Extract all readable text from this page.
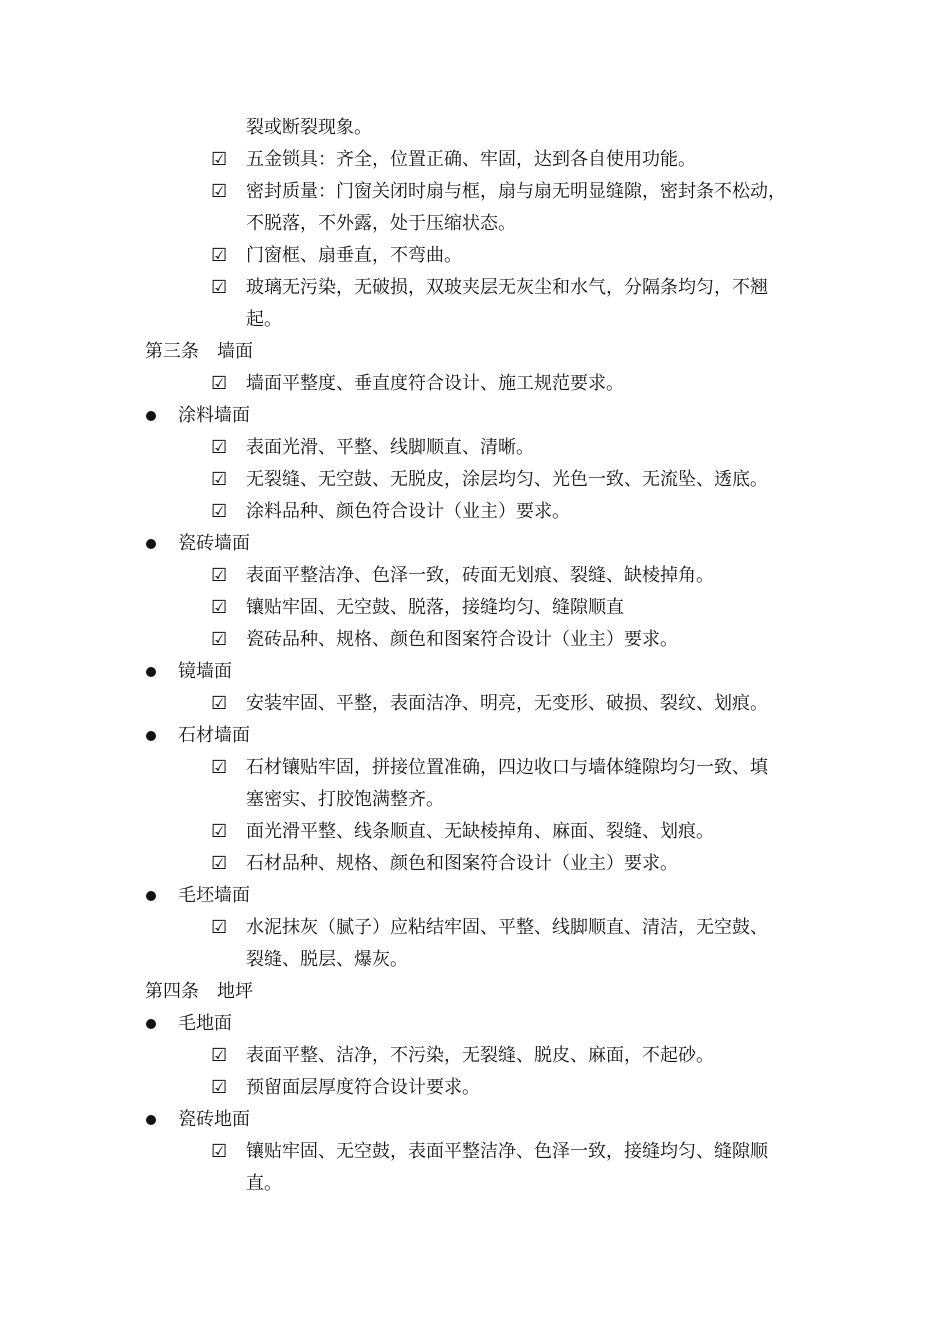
裂或断裂现象。
☑ 五金锁具：齐全，位置正确、牢固，达到各自使用功能。
☑ 密封质量：门窗关闭时扇与框，扇与扇无明显缝隙，密封条不松动，
不脱落，不外露，处于压缩状态。
☑ 门窗框、扇垂直，不弯曲。
☑ 玻璃无污染，无破损，双玻夹层无灰尘和水气，分隔条均匀，不翘
起。
第三条　墙面
☑ 墙面平整度、垂直度符合设计、施工规范要求。
涂料墙面
☑ 表面光滑、平整、线脚顺直、清晰。
☑ 无裂缝、无空鼓、无脱皮，涂层均匀、光色一致、无流坠、透底。
☑ 涂料品种、颜色符合设计（业主）要求。
瓷砖墙面
☑ 表面平整洁净、色泽一致，砖面无划痕、裂缝、缺棱掉角。
☑ 镶贴牢固、无空鼓、脱落，接缝均匀、缝隙顺直
☑ 瓷砖品种、规格、颜色和图案符合设计（业主）要求。
镜墙面
☑ 安装牢固、平整，表面洁净、明亮，无变形、破损、裂纹、划痕。
石材墙面
☑ 石材镶贴牢固，拼接位置准确，四边收口与墙体缝隙均匀一致、填
塞密实、打胶饱满整齐。
☑ 面光滑平整、线条顺直、无缺棱掉角、麻面、裂缝、划痕。
☑ 石材品种、规格、颜色和图案符合设计（业主）要求。
毛坯墙面
☑ 水泥抹灰（腻子）应粘结牢固、平整、线脚顺直、清洁，无空鼓、
裂缝、脱层、爆灰。
第四条　地坪
毛地面
☑ 表面平整、洁净，不污染，无裂缝、脱皮、麻面，不起砂。
☑ 预留面层厚度符合设计要求。
瓷砖地面
☑ 镶贴牢固、无空鼓，表面平整洁净、色泽一致，接缝均匀、缝隙顺
直。
